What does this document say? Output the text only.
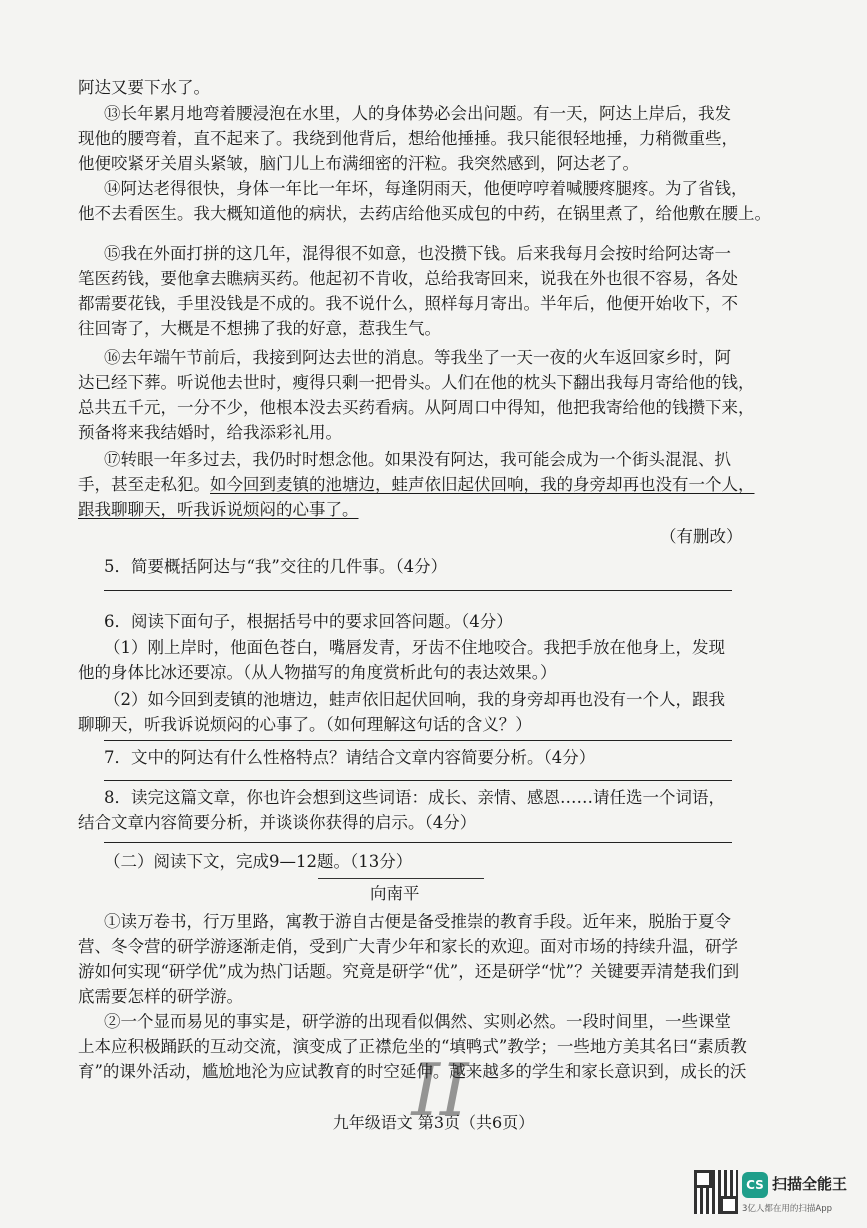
阿达又要下水了。
⑬长年累月地弯着腰浸泡在水里，人的身体势必会出问题。有一天，阿达上岸后，我发
现他的腰弯着，直不起来了。我绕到他背后，想给他捶捶。我只能很轻地捶，力稍微重些，
他便咬紧牙关眉头紧皱，脑门儿上布满细密的汗粒。我突然感到，阿达老了。
⑭阿达老得很快，身体一年比一年坏，每逢阴雨天，他便哼哼着喊腰疼腿疼。为了省钱，
他不去看医生。我大概知道他的病状，去药店给他买成包的中药，在锅里煮了，给他敷在腰上。
⑮我在外面打拼的这几年，混得很不如意，也没攒下钱。后来我每月会按时给阿达寄一
笔医药钱，要他拿去瞧病买药。他起初不肯收，总给我寄回来，说我在外也很不容易，各处
都需要花钱，手里没钱是不成的。我不说什么，照样每月寄出。半年后，他便开始收下，不
往回寄了，大概是不想拂了我的好意，惹我生气。
⑯去年端午节前后，我接到阿达去世的消息。等我坐了一天一夜的火车返回家乡时，阿
达已经下葬。听说他去世时，瘦得只剩一把骨头。人们在他的枕头下翻出我每月寄给他的钱，
总共五千元，一分不少，他根本没去买药看病。从阿周口中得知，他把我寄给他的钱攒下来，
预备将来我结婚时，给我添彩礼用。
⑰转眼一年多过去，我仍时时想念他。如果没有阿达，我可能会成为一个街头混混、扒
手，甚至走私犯。如今回到麦镇的池塘边，蛙声依旧起伏回响，我的身旁却再也没有一个人，
跟我聊聊天，听我诉说烦闷的心事了。
（有删改）
5．简要概括阿达与“我”交往的几件事。（4分）
6．阅读下面句子，根据括号中的要求回答问题。（4分）
（1）刚上岸时，他面色苍白，嘴唇发青，牙齿不住地咬合。我把手放在他身上，发现
他的身体比冰还要凉。（从人物描写的角度赏析此句的表达效果。）
（2）如今回到麦镇的池塘边，蛙声依旧起伏回响，我的身旁却再也没有一个人，跟我
聊聊天，听我诉说烦闷的心事了。（如何理解这句话的含义？）
7．文中的阿达有什么性格特点？请结合文章内容简要分析。（4分）
8．读完这篇文章，你也许会想到这些词语：成长、亲情、感恩……请任选一个词语，
结合文章内容简要分析，并谈谈你获得的启示。（4分）
（二）阅读下文，完成9—12题。（13分）
向南平
①读万卷书，行万里路，寓教于游自古便是备受推崇的教育手段。近年来，脱胎于夏令
营、冬令营的研学游逐渐走俏，受到广大青少年和家长的欢迎。面对市场的持续升温，研学
游如何实现“研学优”成为热门话题。究竟是研学“优”，还是研学“忧”？关键要弄清楚我们到
底需要怎样的研学游。
②一个显而易见的事实是，研学游的出现看似偶然、实则必然。一段时间里，一些课堂
上本应积极踊跃的互动交流，演变成了正襟危坐的“填鸭式”教学；一些地方美其名曰“素质教
育”的课外活动，尴尬地沦为应试教育的时空延伸。越来越多的学生和家长意识到，成长的沃
II
九年级语文 第3页（共6页）
CS 扫描全能王
3亿人都在用的扫描App
